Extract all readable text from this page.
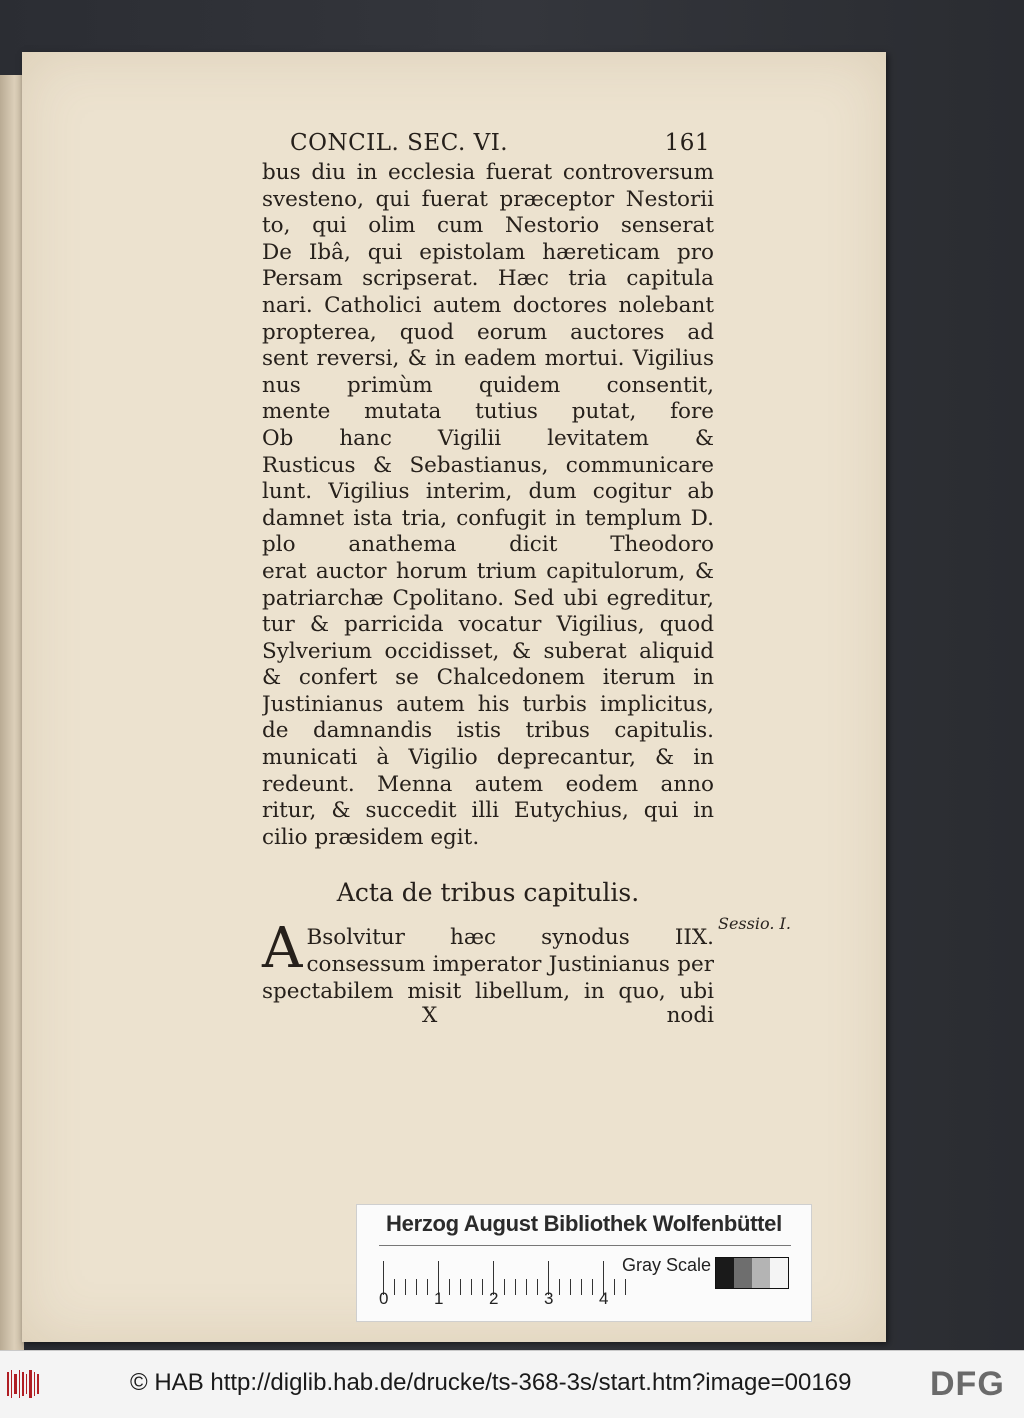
CONCIL. SEC. VI.	161
bus diu in ecclesia fuerat controversum
svesteno, qui fuerat præceptor Nestorii
to, qui olim cum Nestorio senserat
De Ibâ, qui epistolam hæreticam pro
Persam scripserat. Hæc tria capitula
nari. Catholici autem doctores nolebant
propterea, quod eorum auctores ad
sent reversi, & in eadem mortui. Vigilius
nus primùm quidem consentit,
mente mutata tutius putat, fore
Ob hanc Vigilii levitatem &
Rusticus & Sebastianus, communicare
lunt. Vigilius interim, dum cogitur ab
damnet ista tria, confugit in templum D.
plo anathema dicit Theodoro
erat auctor horum trium capitulorum, &
patriarchæ Cpolitano. Sed ubi egreditur,
tur & parricida vocatur Vigilius, quod
Sylverium occidisset, & suberat aliquid
& confert se Chalcedonem iterum in
Justinianus autem his turbis implicitus,
de damnandis istis tribus capitulis.
municati à Vigilio deprecantur, & in
redeunt. Menna autem eodem anno
ritur, & succedit illi Eutychius, qui in
cilio præsidem egit.
Acta de tribus capitulis.
A Bsolvitur hæc synodus IIX.
consessum imperator Justinianus per
spectabilem misit libellum, in quo, ubi
X	nodi
Sessio. I.
Herzog August Bibliothek Wolfenbüttel
0	1	2	3	4
Gray Scale
© HAB http://diglib.hab.de/drucke/ts-368-3s/start.htm?image=00169 DFG
